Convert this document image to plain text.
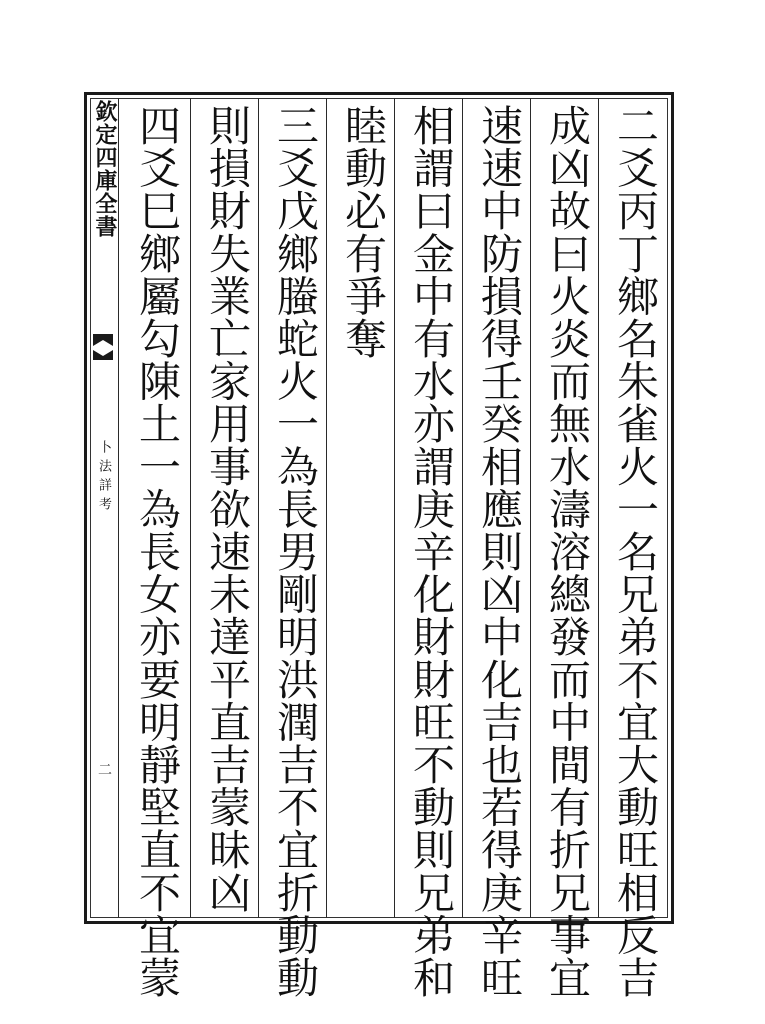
欽定四庫全書
卜法詳考
二	二爻丙丁鄉名朱雀火一名兄弟不宜大動旺相反吉
成凶故曰火炎而無水濤溶總發而中間有折兄事宜
速速中防損得壬癸相應則凶中化吉也若得庚辛旺
相謂曰金中有水亦謂庚辛化財財旺不動則兄弟和
睦動必有爭奪
三爻戊鄉螣蛇火一為長男剛明洪潤吉不宜折動動
則損財失業亡家用事欲速未達平直吉蒙昧凶
四爻巳鄉屬勾陳土一為長女亦要明靜堅直不宜蒙
